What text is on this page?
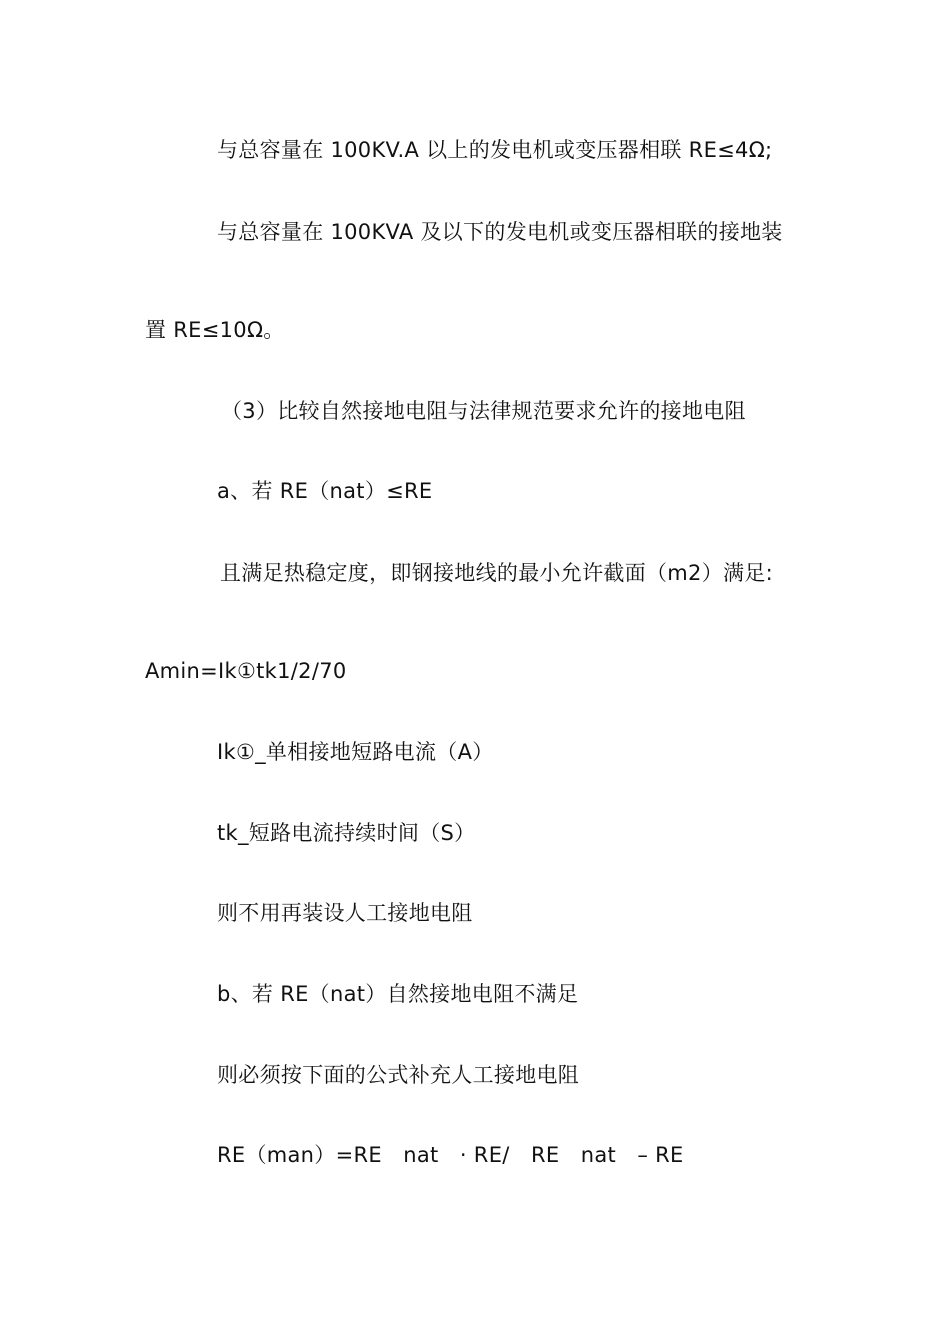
与总容量在 100KV.A 以上的发电机或变压器相联 RE≤4Ω;
与总容量在 100KVA 及以下的发电机或变压器相联的接地装
置 RE≤10Ω。
（3）比较自然接地电阻与法律规范要求允许的接地电阻
a、若 RE（nat）≤RE
且满足热稳定度，即钢接地线的最小允许截面（m2）满足:
Amin=Ik①tk1/2/70
Ik①_单相接地短路电流（A）
tk_短路电流持续时间（S）
则不用再装设人工接地电阻
b、若 RE（nat）自然接地电阻不满足
则必须按下面的公式补充人工接地电阻
RE（man）=RE　nat　· RE/　RE　nat　– RE
